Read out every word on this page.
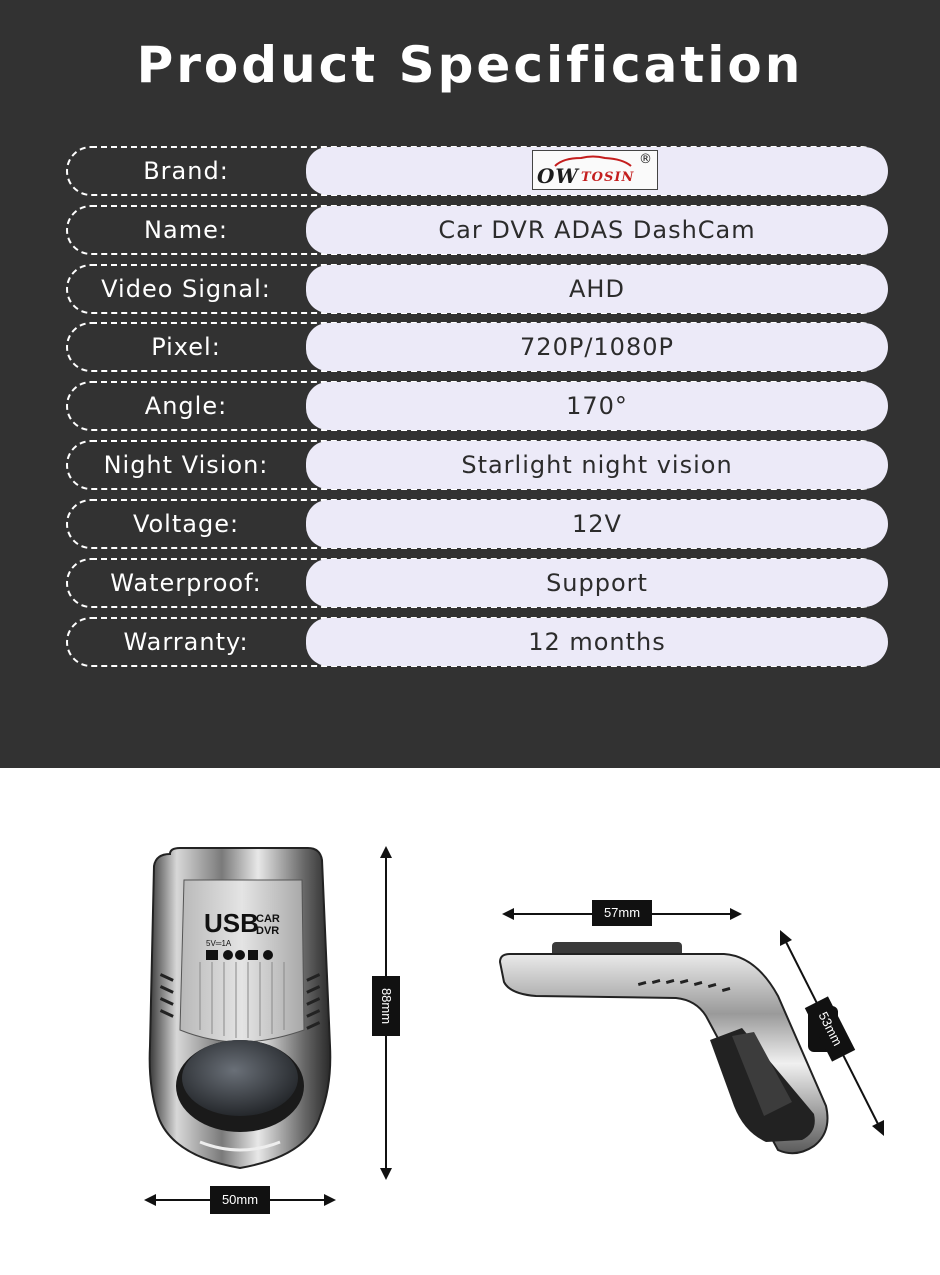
Product Specification
Brand:	OW TOSIN
®
Name:	Car DVR ADAS DashCam
Video Signal:	AHD
Pixel:	720P/1080P
Angle:	170°
Night Vision:	Starlight night vision
Voltage:	12V
Waterproof:	Support
Warranty:	12 months
USB
CAR
DVR
5V═1A
88mm
50mm
57mm
53mm
